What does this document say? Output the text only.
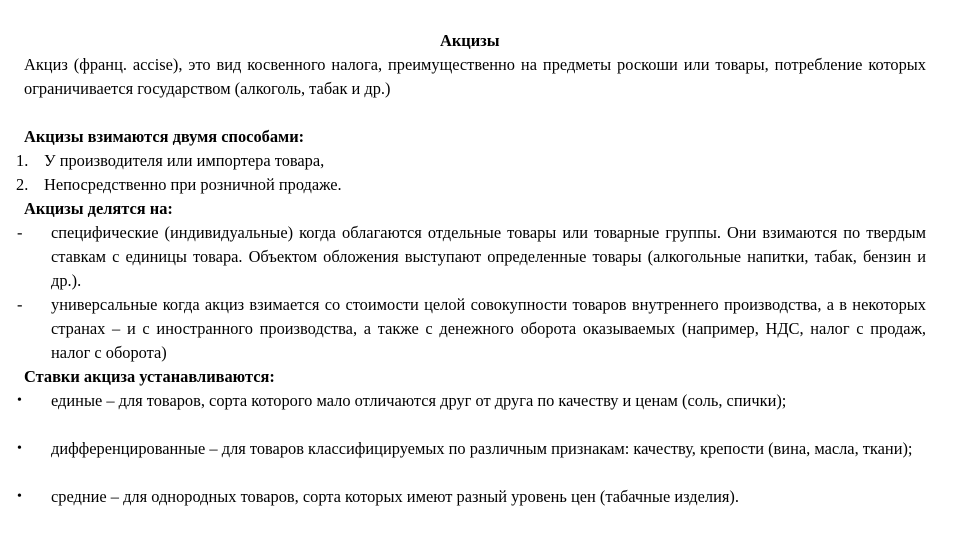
Акцизы
Акциз (франц. accise), это вид косвенного налога, преимущественно на предметы роскоши или товары, потребление которых ограничивается государством (алкоголь, табак и др.)
Акцизы взимаются двумя способами:
1. У производителя или импортера товара,
2. Непосредственно при розничной продаже.
Акцизы делятся на:
-	специфические (индивидуальные) когда облагаются отдельные товары или товарные группы. Они взимаются по твердым ставкам с единицы товара. Объектом обложения выступают определенные товары (алкогольные напитки, табак, бензин и др.).
-	универсальные когда акциз взимается со стоимости целой совокупности товаров внутреннего производства, а в некоторых странах – и с иностранного производства, а также с денежного оборота оказываемых (например, НДС, налог с продаж, налог с оборота)
Ставки акциза устанавливаются:
•	единые – для товаров, сорта которого мало отличаются друг от друга по качеству и ценам (соль, спички);
•	дифференцированные – для товаров классифицируемых по различным признакам: качеству, крепости (вина, масла, ткани);
•	средние – для однородных товаров, сорта которых имеют разный уровень цен (табачные изделия).
